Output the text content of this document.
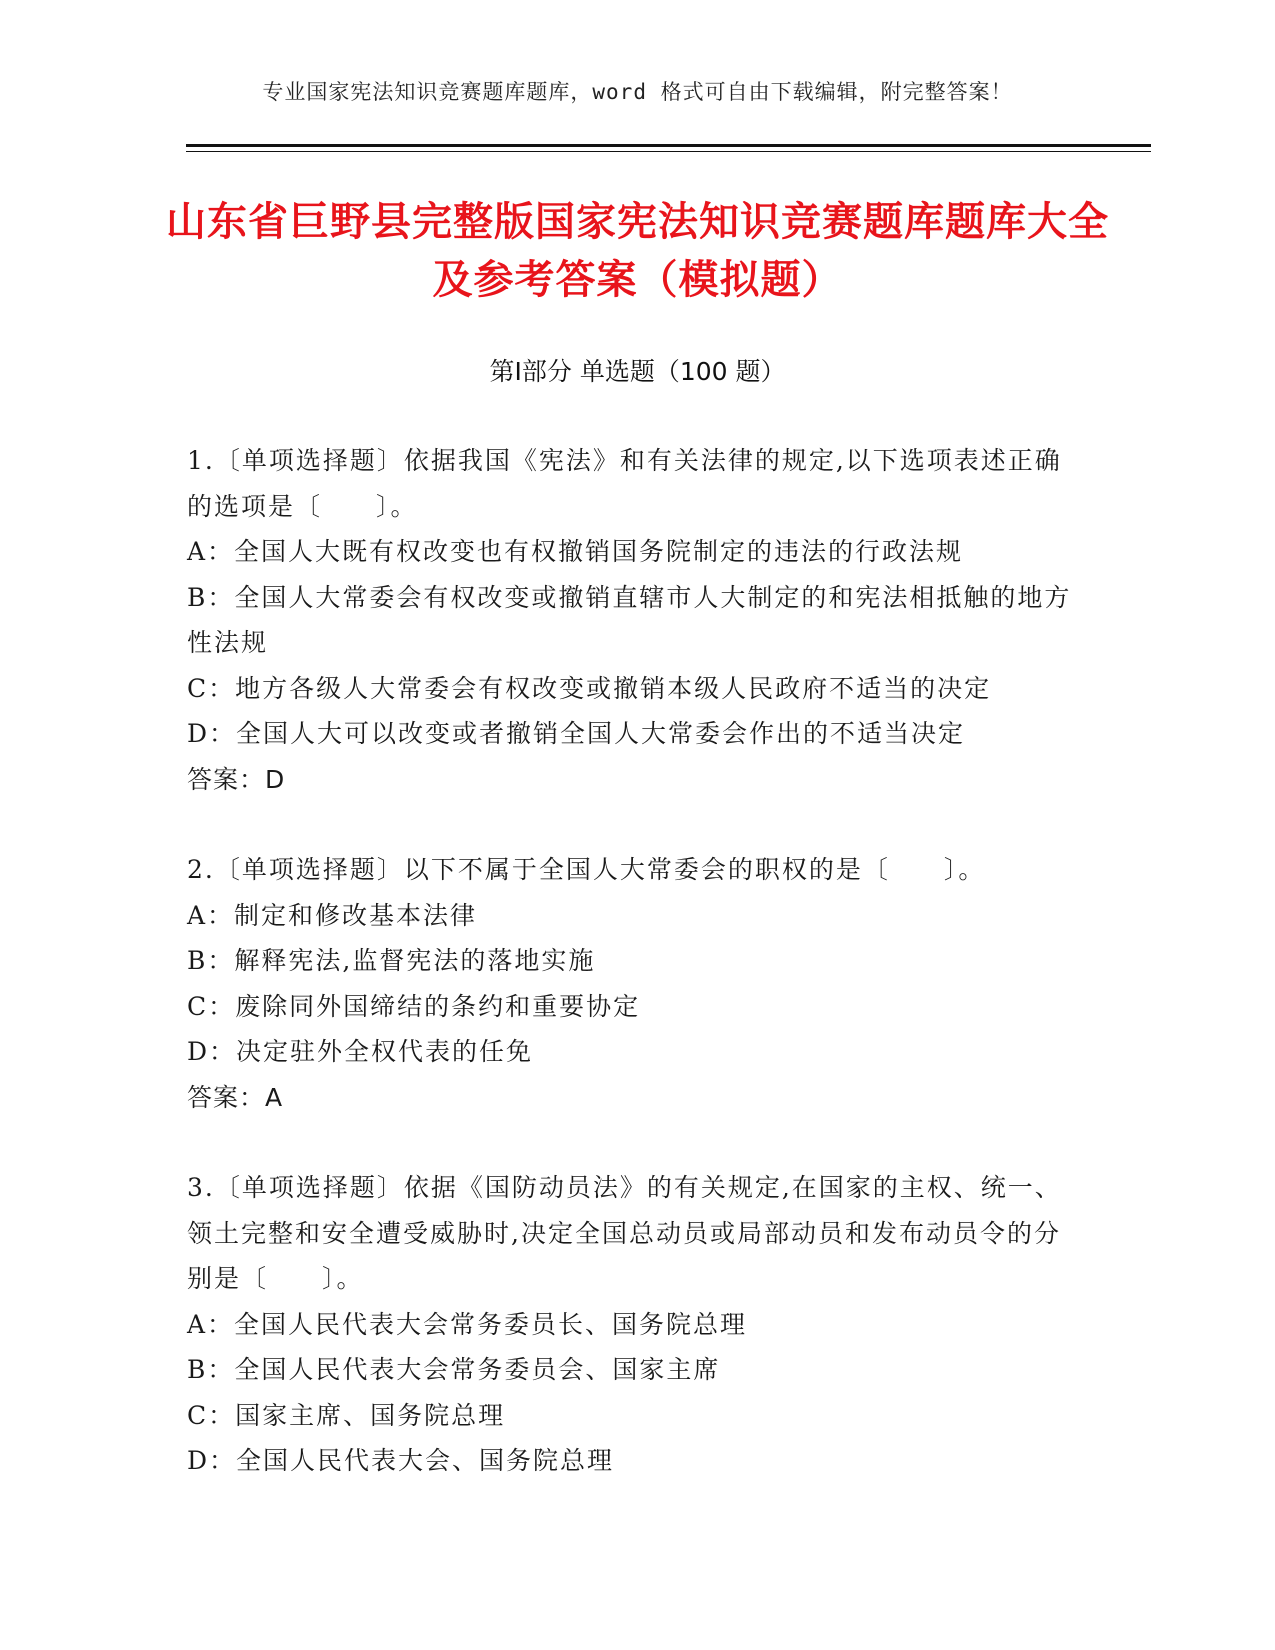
专业国家宪法知识竞赛题库题库，word 格式可自由下载编辑，附完整答案！
山东省巨野县完整版国家宪法知识竞赛题库题库大全及参考答案（模拟题）
第Ⅰ部分 单选题（100 题）

1.〔单项选择题〕依据我国《宪法》和有关法律的规定,以下选项表述正确的选项是〔　　〕。

A：全国人大既有权改变也有权撤销国务院制定的违法的行政法规

B：全国人大常委会有权改变或撤销直辖市人大制定的和宪法相抵触的地方性法规

C：地方各级人大常委会有权改变或撤销本级人民政府不适当的决定

D：全国人大可以改变或者撤销全国人大常委会作出的不适当决定

答案：D

2.〔单项选择题〕以下不属于全国人大常委会的职权的是〔　　〕。

A：制定和修改基本法律

B：解释宪法,监督宪法的落地实施

C：废除同外国缔结的条约和重要协定

D：决定驻外全权代表的任免

答案：A

3.〔单项选择题〕依据《国防动员法》的有关规定,在国家的主权、统一、领土完整和安全遭受威胁时,决定全国总动员或局部动员和发布动员令的分别是〔　　〕。

A：全国人民代表大会常务委员长、国务院总理

B：全国人民代表大会常务委员会、国家主席

C：国家主席、国务院总理

D：全国人民代表大会、国务院总理
